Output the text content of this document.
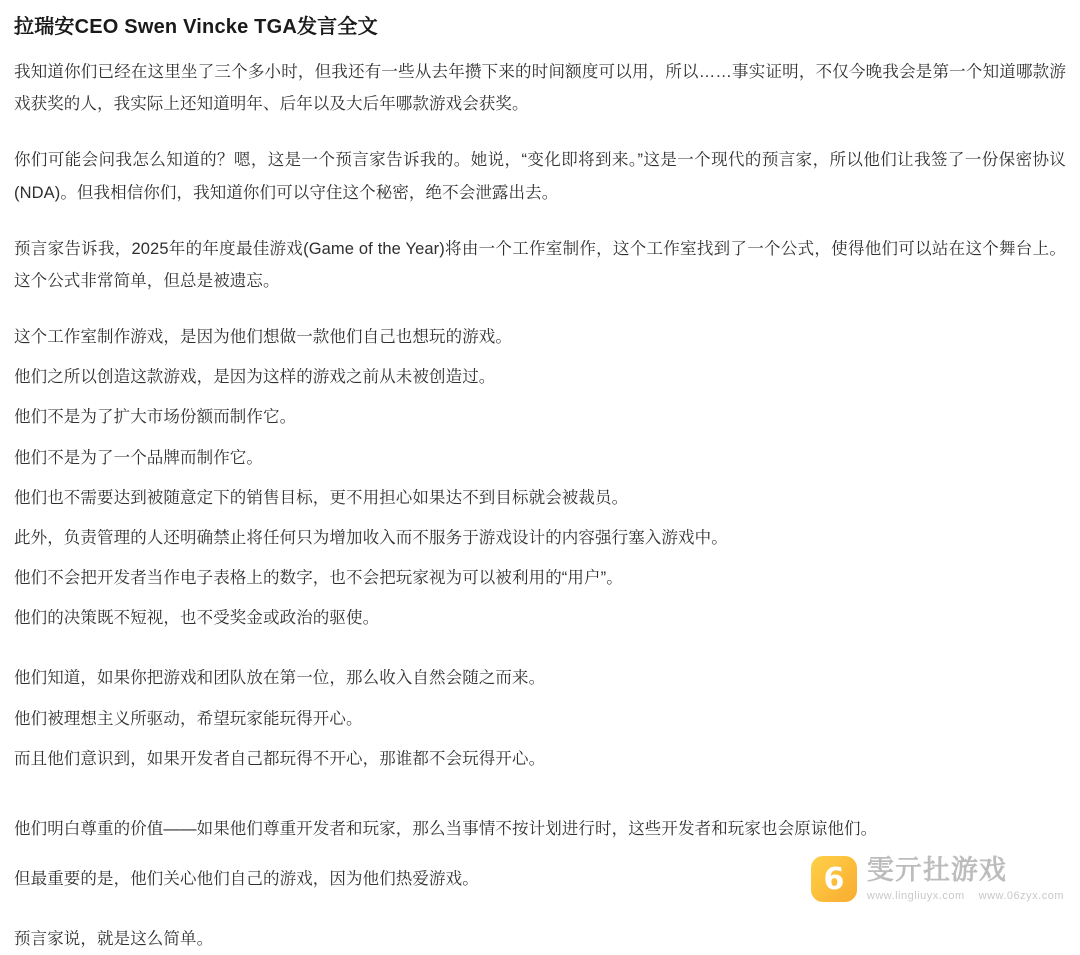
拉瑞安CEO Swen Vincke TGA发言全文

我知道你们已经在这里坐了三个多小时，但我还有一些从去年攒下来的时间额度可以用，所以……事实证明，不仅今晚我会是第一个知道哪款游戏获奖的人，我实际上还知道明年、后年以及大后年哪款游戏会获奖。

你们可能会问我怎么知道的？嗯，这是一个预言家告诉我的。她说，“变化即将到来。”这是一个现代的预言家，所以他们让我签了一份保密协议(NDA)。但我相信你们，我知道你们可以守住这个秘密，绝不会泄露出去。

预言家告诉我，2025年的年度最佳游戏(Game of the Year)将由一个工作室制作，这个工作室找到了一个公式，使得他们可以站在这个舞台上。这个公式非常简单，但总是被遗忘。

这个工作室制作游戏，是因为他们想做一款他们自己也想玩的游戏。

他们之所以创造这款游戏，是因为这样的游戏之前从未被创造过。

他们不是为了扩大市场份额而制作它。

他们不是为了一个品牌而制作它。

他们也不需要达到被随意定下的销售目标，更不用担心如果达不到目标就会被裁员。

此外，负责管理的人还明确禁止将任何只为增加收入而不服务于游戏设计的内容强行塞入游戏中。

他们不会把开发者当作电子表格上的数字，也不会把玩家视为可以被利用的“用户”。

他们的决策既不短视，也不受奖金或政治的驱使。

他们知道，如果你把游戏和团队放在第一位，那么收入自然会随之而来。

他们被理想主义所驱动，希望玩家能玩得开心。

而且他们意识到，如果开发者自己都玩得不开心，那谁都不会玩得开心。

他们明白尊重的价值——如果他们尊重开发者和玩家，那么当事情不按计划进行时，这些开发者和玩家也会原谅他们。

但最重要的是，他们关心他们自己的游戏，因为他们热爱游戏。

预言家说，就是这么简单。

6
雯亓扗游戏
www.lingliuyx.com www.06zyx.com
